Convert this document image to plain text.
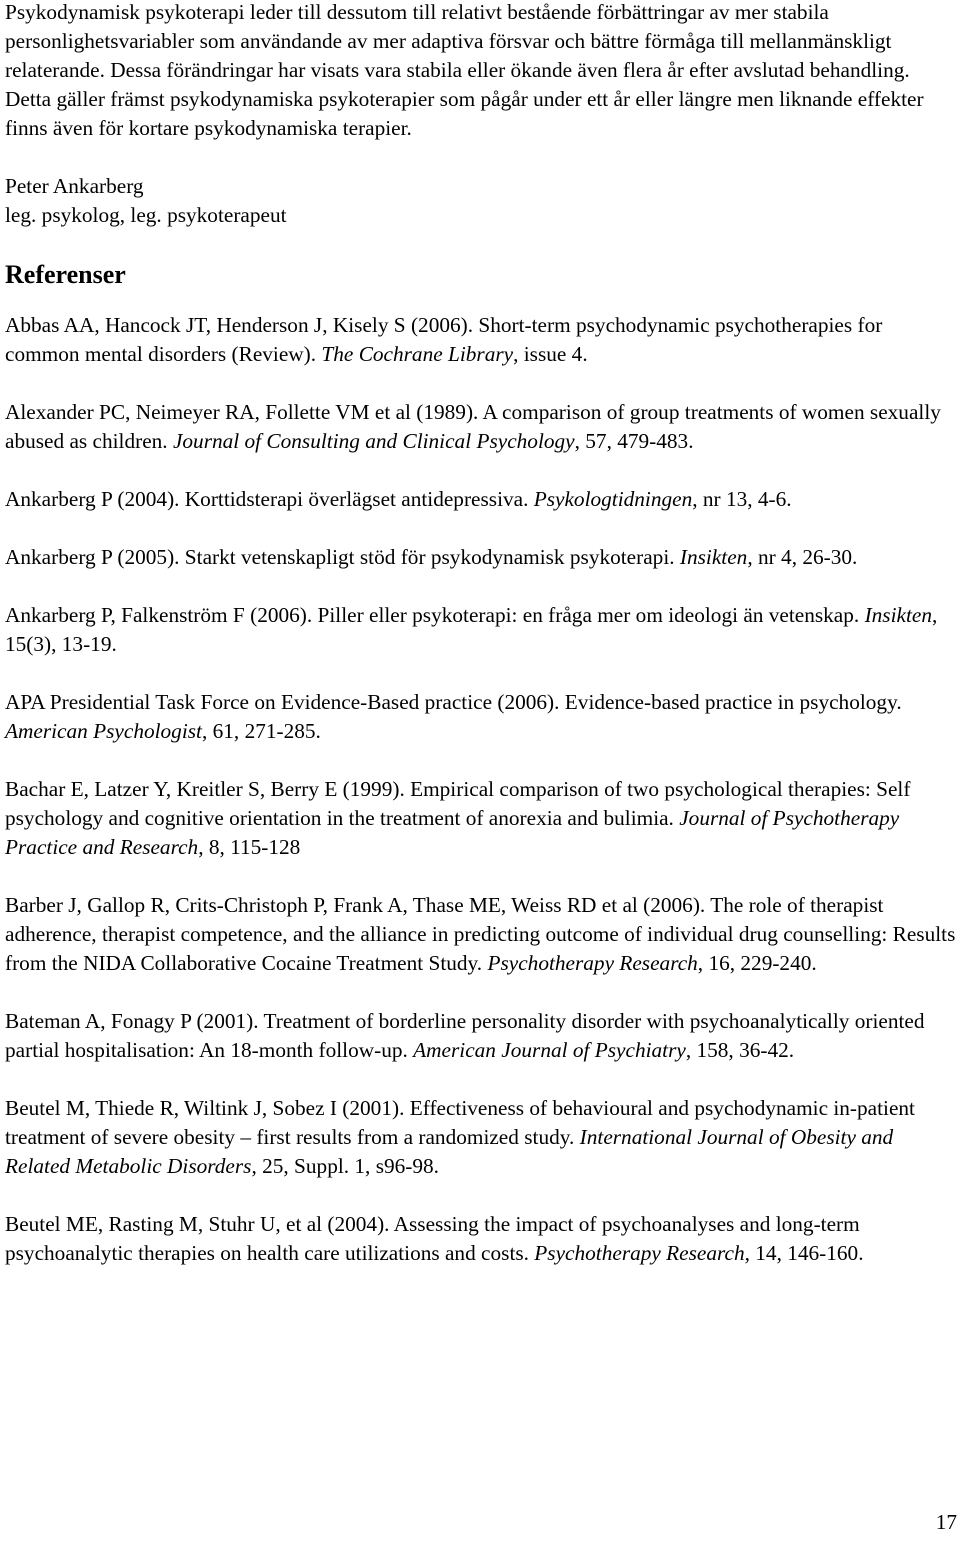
Psykodynamisk psykoterapi leder till dessutom till relativt bestående förbättringar av mer stabila personlighetsvariabler som användande av mer adaptiva försvar och bättre förmåga till mellanmänskligt relaterande. Dessa förändringar har visats vara stabila eller ökande även flera år efter avslutad behandling. Detta gäller främst psykodynamiska psykoterapier som pågår under ett år eller längre men liknande effekter finns även för kortare psykodynamiska terapier.

Peter Ankarberg
leg. psykolog, leg. psykoterapeut
Referenser

Abbas AA, Hancock JT, Henderson J, Kisely S (2006). Short-term psychodynamic psychotherapies for common mental disorders (Review). The Cochrane Library, issue 4.

Alexander PC, Neimeyer RA, Follette VM et al (1989). A comparison of group treatments of women sexually abused as children. Journal of Consulting and Clinical Psychology, 57, 479-483.

Ankarberg P (2004). Korttidsterapi överlägset antidepressiva. Psykologtidningen, nr 13, 4-6.

Ankarberg P (2005). Starkt vetenskapligt stöd för psykodynamisk psykoterapi. Insikten, nr 4, 26-30.

Ankarberg P, Falkenström F (2006). Piller eller psykoterapi: en fråga mer om ideologi än vetenskap. Insikten, 15(3), 13-19.

APA Presidential Task Force on Evidence-Based practice (2006). Evidence-based practice in psychology. American Psychologist, 61, 271-285.

Bachar E, Latzer Y, Kreitler S, Berry E (1999). Empirical comparison of two psychological therapies: Self psychology and cognitive orientation in the treatment of anorexia and bulimia. Journal of Psychotherapy Practice and Research, 8, 115-128

Barber J, Gallop R, Crits-Christoph P, Frank A, Thase ME, Weiss RD et al (2006). The role of therapist adherence, therapist competence, and the alliance in predicting outcome of individual drug counselling: Results from the NIDA Collaborative Cocaine Treatment Study. Psychotherapy Research, 16, 229-240.

Bateman A, Fonagy P (2001). Treatment of borderline personality disorder with psychoanalytically oriented partial hospitalisation: An 18-month follow-up. American Journal of Psychiatry, 158, 36-42.

Beutel M, Thiede R, Wiltink J, Sobez I (2001). Effectiveness of behavioural and psychodynamic in-patient treatment of severe obesity – first results from a randomized study. International Journal of Obesity and Related Metabolic Disorders, 25, Suppl. 1, s96-98.

Beutel ME, Rasting M, Stuhr U, et al (2004). Assessing the impact of psychoanalyses and long-term psychoanalytic therapies on health care utilizations and costs. Psychotherapy Research, 14, 146-160.

17
